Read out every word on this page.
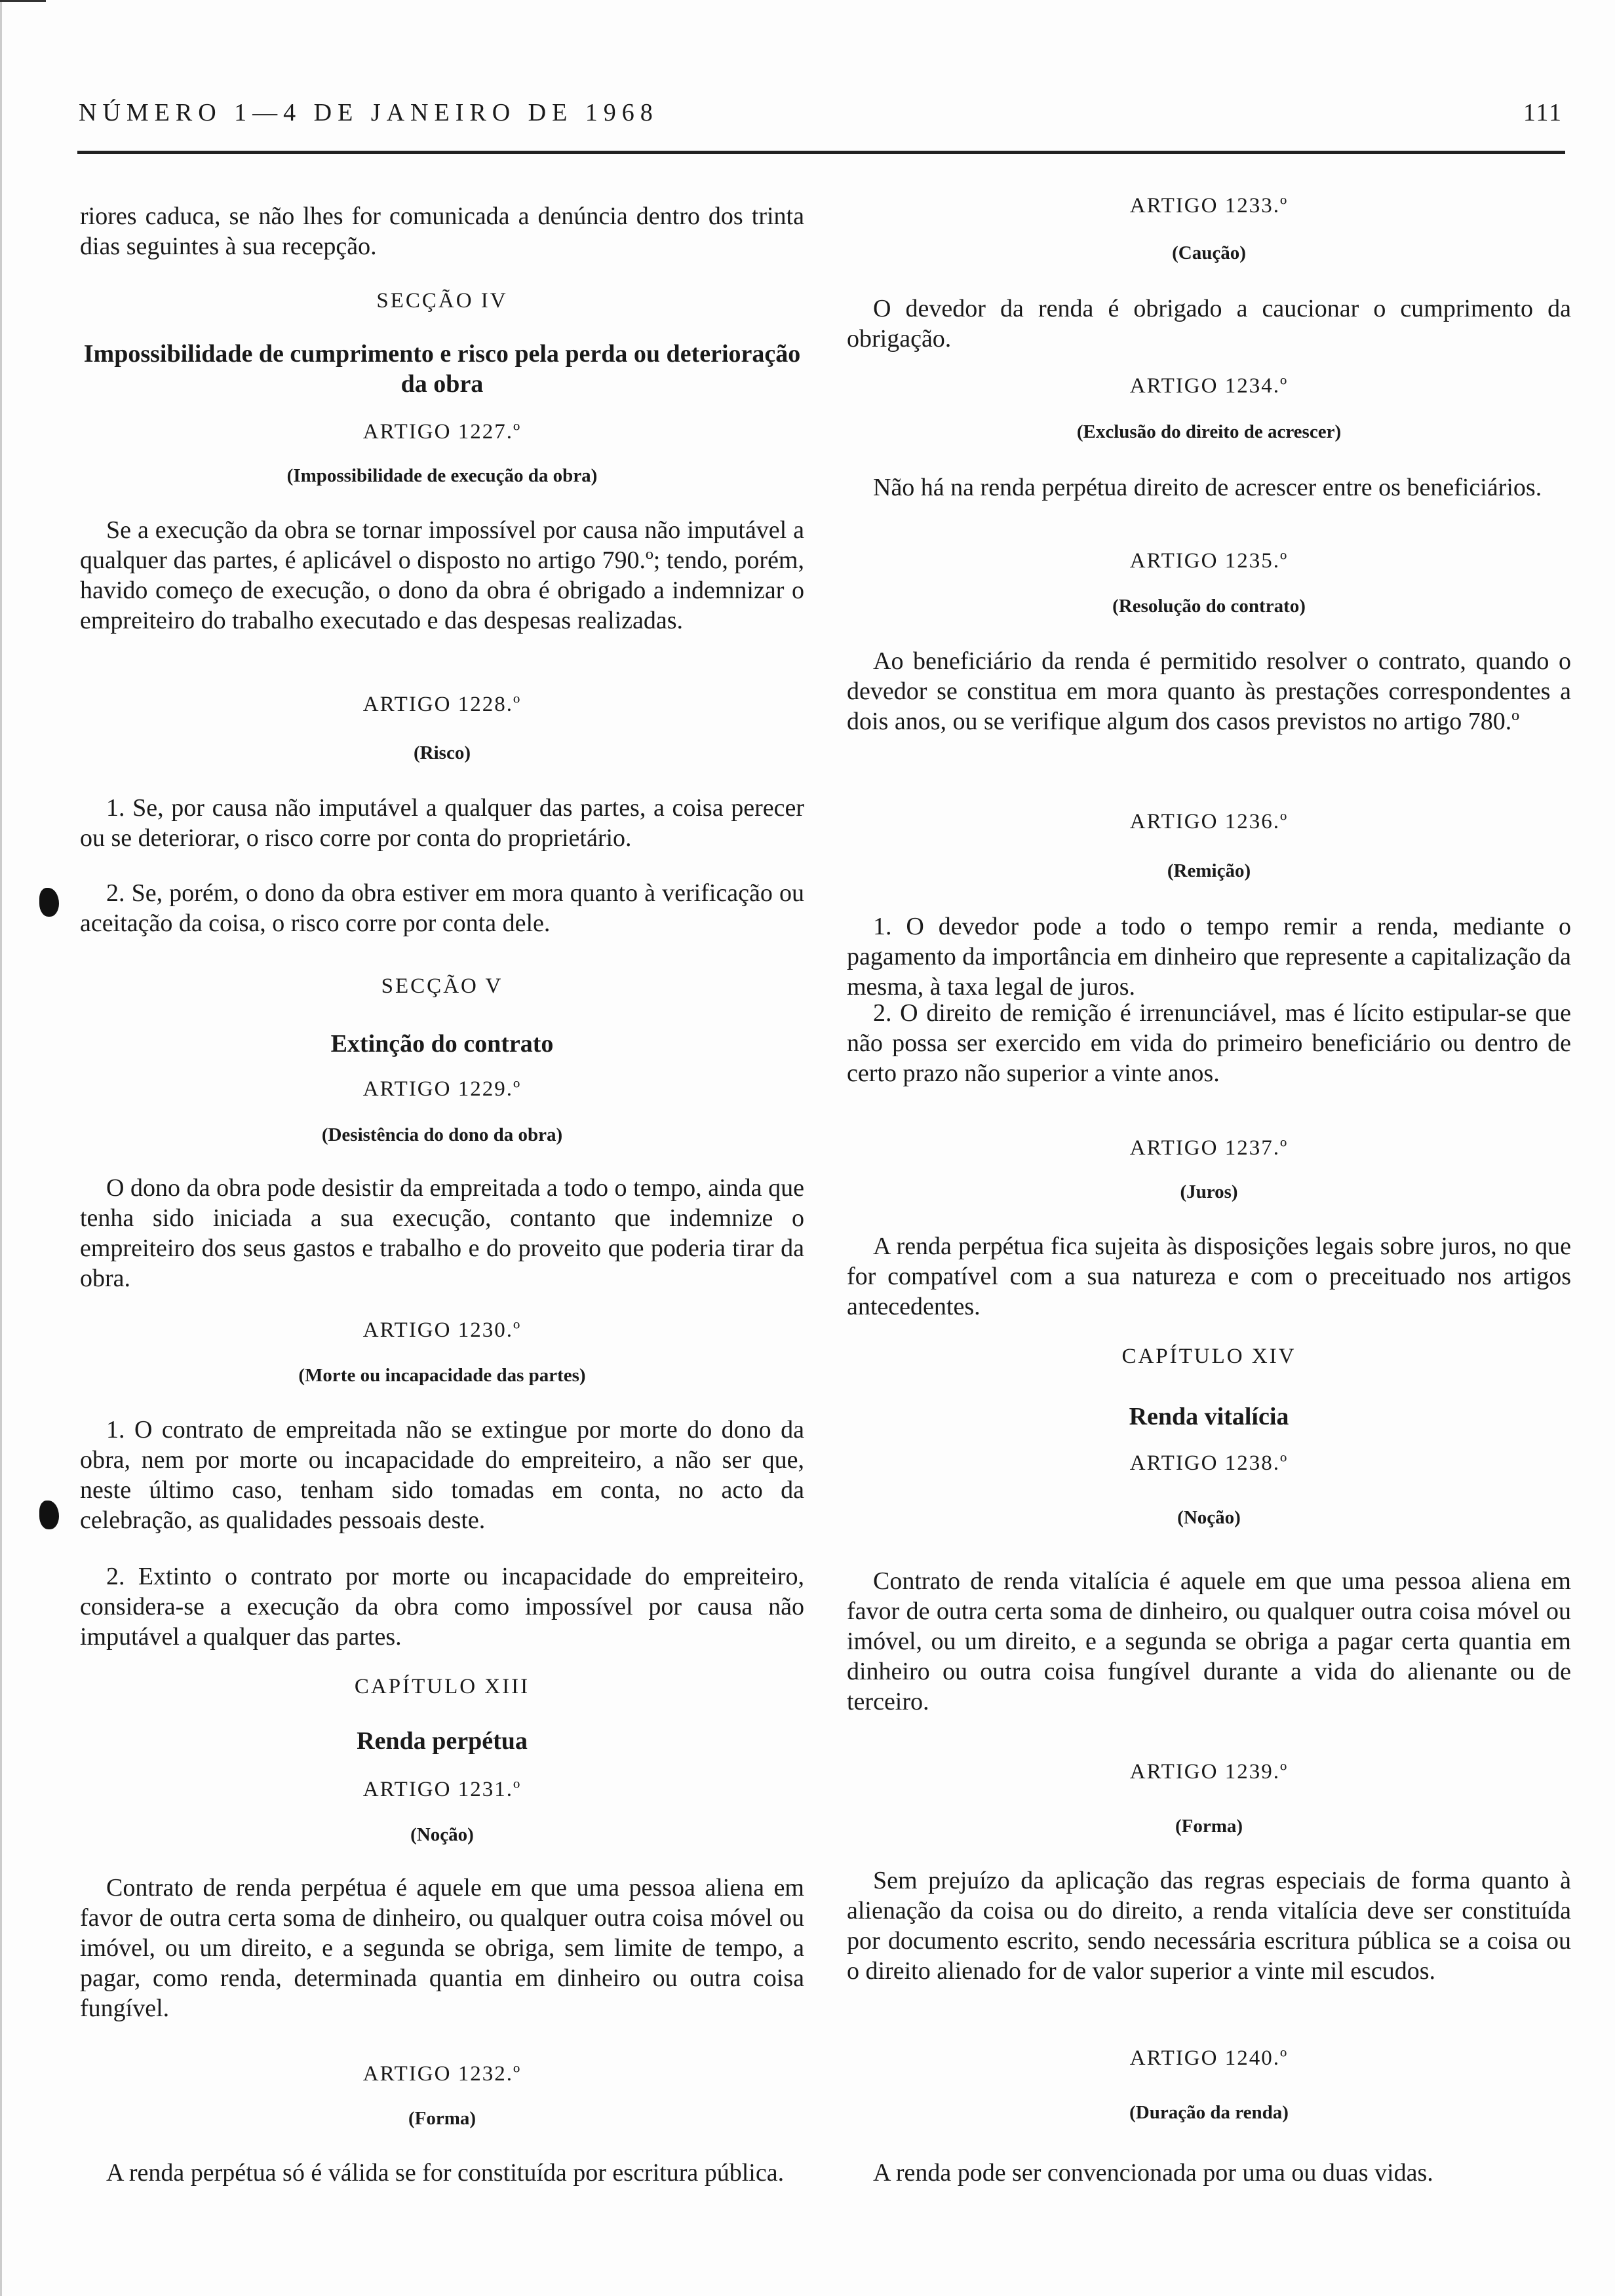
NÚMERO 1—4 DE JANEIRO DE 1968	111
riores caduca, se não lhes for comunicada a denúncia dentro dos trinta dias seguintes à sua recepção.
SECÇÃO IV
Impossibilidade de cumprimento e risco pela perda ou deterioração da obra
ARTIGO 1227.º
(Impossibilidade de execução da obra)
Se a execução da obra se tornar impossível por causa não imputável a qualquer das partes, é aplicável o disposto no artigo 790.º; tendo, porém, havido começo de execução, o dono da obra é obrigado a indemnizar o empreiteiro do trabalho executado e das despesas realizadas.
ARTIGO 1228.º
(Risco)
1. Se, por causa não imputável a qualquer das partes, a coisa perecer ou se deteriorar, o risco corre por conta do proprietário.
2. Se, porém, o dono da obra estiver em mora quanto à verificação ou aceitação da coisa, o risco corre por conta dele.
SECÇÃO V
Extinção do contrato
ARTIGO 1229.º
(Desistência do dono da obra)
O dono da obra pode desistir da empreitada a todo o tempo, ainda que tenha sido iniciada a sua execução, contanto que indemnize o empreiteiro dos seus gastos e trabalho e do proveito que poderia tirar da obra.
ARTIGO 1230.º
(Morte ou incapacidade das partes)
1. O contrato de empreitada não se extingue por morte do dono da obra, nem por morte ou incapacidade do empreiteiro, a não ser que, neste último caso, tenham sido tomadas em conta, no acto da celebração, as qualidades pessoais deste.
2. Extinto o contrato por morte ou incapacidade do empreiteiro, considera-se a execução da obra como impossível por causa não imputável a qualquer das partes.
CAPÍTULO XIII
Renda perpétua
ARTIGO 1231.º
(Noção)
Contrato de renda perpétua é aquele em que uma pessoa aliena em favor de outra certa soma de dinheiro, ou qualquer outra coisa móvel ou imóvel, ou um direito, e a segunda se obriga, sem limite de tempo, a pagar, como renda, determinada quantia em dinheiro ou outra coisa fungível.
ARTIGO 1232.º
(Forma)
A renda perpétua só é válida se for constituída por escritura pública.
ARTIGO 1233.º
(Caução)
O devedor da renda é obrigado a caucionar o cumprimento da obrigação.
ARTIGO 1234.º
(Exclusão do direito de acrescer)
Não há na renda perpétua direito de acrescer entre os beneficiários.
ARTIGO 1235.º
(Resolução do contrato)
Ao beneficiário da renda é permitido resolver o contrato, quando o devedor se constitua em mora quanto às prestações correspondentes a dois anos, ou se verifique algum dos casos previstos no artigo 780.º
ARTIGO 1236.º
(Remição)
1. O devedor pode a todo o tempo remir a renda, mediante o pagamento da importância em dinheiro que represente a capitalização da mesma, à taxa legal de juros.
2. O direito de remição é irrenunciável, mas é lícito estipular-se que não possa ser exercido em vida do primeiro beneficiário ou dentro de certo prazo não superior a vinte anos.
ARTIGO 1237.º
(Juros)
A renda perpétua fica sujeita às disposições legais sobre juros, no que for compatível com a sua natureza e com o preceituado nos artigos antecedentes.
CAPÍTULO XIV
Renda vitalícia
ARTIGO 1238.º
(Noção)
Contrato de renda vitalícia é aquele em que uma pessoa aliena em favor de outra certa soma de dinheiro, ou qualquer outra coisa móvel ou imóvel, ou um direito, e a segunda se obriga a pagar certa quantia em dinheiro ou outra coisa fungível durante a vida do alienante ou de terceiro.
ARTIGO 1239.º
(Forma)
Sem prejuízo da aplicação das regras especiais de forma quanto à alienação da coisa ou do direito, a renda vitalícia deve ser constituída por documento escrito, sendo necessária escritura pública se a coisa ou o direito alienado for de valor superior a vinte mil escudos.
ARTIGO 1240.º
(Duração da renda)
A renda pode ser convencionada por uma ou duas vidas.
